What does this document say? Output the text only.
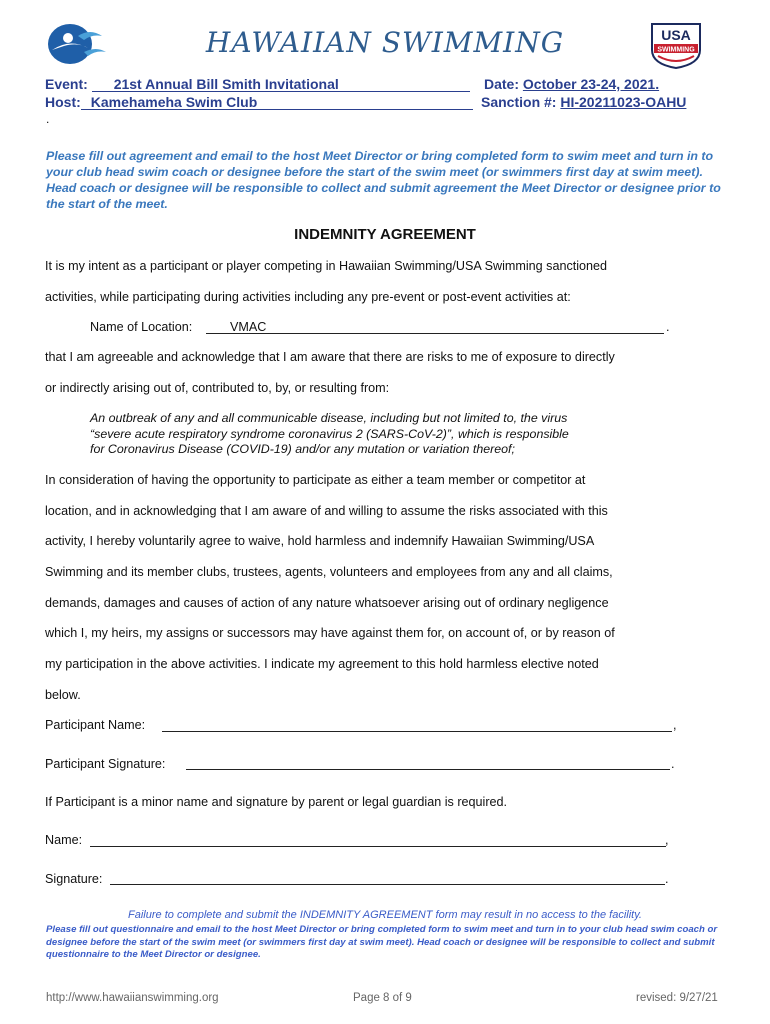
HAWAIIAN SWIMMING	USA
SWIMMING
Event: 21st Annual Bill Smith Invitational	Date: October 23-24, 2021.
Host: Kamehameha Swim Club	Sanction #: HI-20211023-OAHU
.
Please fill out agreement and email to the host Meet Director or bring completed form to swim meet and turn in to your club head swim coach or designee before the start of the swim meet (or swimmers first day at swim meet). Head coach or designee will be responsible to collect and submit agreement the Meet Director or designee prior to the start of the meet.
INDEMNITY AGREEMENT
It is my intent as a participant or player competing in Hawaiian Swimming/USA Swimming sanctioned
activities, while participating during activities including any pre-event or post-event activities at:
Name of Location:	VMAC	.
that I am agreeable and acknowledge that I am aware that there are risks to me of exposure to directly
or indirectly arising out of, contributed to, by, or resulting from:
An outbreak of any and all communicable disease, including but not limited to, the virus
“severe acute respiratory syndrome coronavirus 2 (SARS-CoV-2)”, which is responsible
for Coronavirus Disease (COVID-19) and/or any mutation or variation thereof;
In consideration of having the opportunity to participate as either a team member or competitor at
location, and in acknowledging that I am aware of and willing to assume the risks associated with this
activity, I hereby voluntarily agree to waive, hold harmless and indemnify Hawaiian Swimming/USA
Swimming and its member clubs, trustees, agents, volunteers and employees from any and all claims,
demands, damages and causes of action of any nature whatsoever arising out of ordinary negligence
which I, my heirs, my assigns or successors may have against them for, on account of, or by reason of
my participation in the above activities. I indicate my agreement to this hold harmless elective noted
below.
Participant Name:	,
Participant Signature:	.
If Participant is a minor name and signature by parent or legal guardian is required.
Name:	,
Signature:	.
Failure to complete and submit the INDEMNITY AGREEMENT form may result in no access to the facility.
Please fill out questionnaire and email to the host Meet Director or bring completed form to swim meet and turn in to your club head swim coach or designee before the start of the swim meet (or swimmers first day at swim meet). Head coach or designee will be responsible to collect and submit questionnaire to the Meet Director or designee.
http://www.hawaiianswimming.org	Page 8 of 9	revised: 9/27/21
